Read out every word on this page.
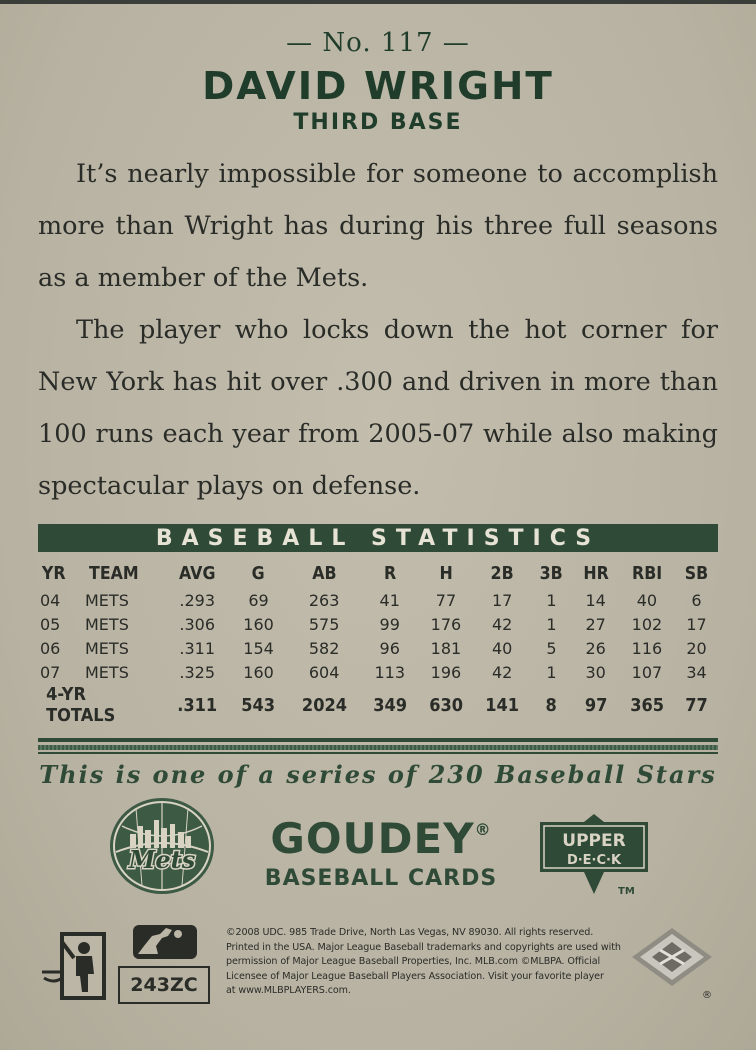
— No. 117 —
DAVID WRIGHT
THIRD BASE

It’s nearly impossible for someone to accomplish more than Wright has during his three full seasons as a member of the Mets.

The player who locks down the hot corner for New York has hit over .300 and driven in more than 100 runs each year from 2005-07 while also making spectacular plays on defense.

BASEBALL STATISTICS
YR	TEAM	AVG	G	AB	R	H	2B	3B	HR	RBI	SB
04	METS	.293	69	263	41	77	17	1	14	40	6
05	METS	.306	160	575	99	176	42	1	27	102	17
06	METS	.311	154	582	96	181	40	5	26	116	20
07	METS	.325	160	604	113	196	42	1	30	107	34
4-YR TOTALS		.311	543	2024	349	630	141	8	97	365	77
This is one of a series of 230 Baseball Stars
Mets	GOUDEY®
BASEBALL CARDS
UPPER
D·E·C·K
TM
243ZC
©2008 UDC. 985 Trade Drive, North Las Vegas, NV 89030. All rights reserved.
Printed in the USA. Major League Baseball trademarks and copyrights are used with
permission of Major League Baseball Properties, Inc. MLB.com ©MLBPA. Official
Licensee of Major League Baseball Players Association. Visit your favorite player
at www.MLBPLAYERS.com.	®
